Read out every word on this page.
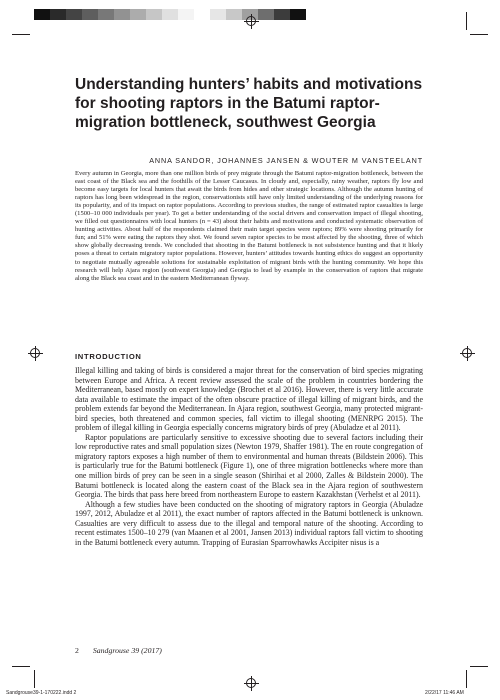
Understanding hunters’ habits and motivations for shooting raptors in the Batumi raptor-migration bottleneck, southwest Georgia
ANNA SANDOR, JOHANNES JANSEN & WOUTER M VANSTEELANT

Every autumn in Georgia, more than one million birds of prey migrate through the Batumi raptor-migration bottleneck, between the east coast of the Black sea and the foothills of the Lesser Caucasus. In cloudy and, especially, rainy weather, raptors fly low and become easy targets for local hunters that await the birds from hides and other strategic locations. Although the autumn hunting of raptors has long been widespread in the region, conservationists still have only limited understanding of the underlying reasons for its popularity, and of its impact on raptor populations. According to previous studies, the range of estimated raptor casualties is large (1500–10 000 individuals per year). To get a better understanding of the social drivers and conservation impact of illegal shooting, we filled out questionnaires with local hunters (n = 43) about their habits and motivations and conducted systematic observation of hunting activities. About half of the respondents claimed their main target species were raptors; 89% were shooting primarily for fun; and 51% were eating the raptors they shot. We found seven raptor species to be most affected by the shooting, three of which show globally decreasing trends. We concluded that shooting in the Batumi bottleneck is not subsistence hunting and that it likely poses a threat to certain migratory raptor populations. However, hunters’ attitudes towards hunting ethics do suggest an opportunity to negotiate mutually agreeable solutions for sustainable exploitation of migrant birds with the hunting community. We hope this research will help Ajara region (southwest Georgia) and Georgia to lead by example in the conservation of raptors that migrate along the Black sea coast and in the eastern Mediterranean flyway.

INTRODUCTION

Illegal killing and taking of birds is considered a major threat for the conservation of bird species migrating between Europe and Africa. A recent review assessed the scale of the problem in countries bordering the Mediterranean, based mostly on expert knowledge (Brochet et al 2016). However, there is very little accurate data available to estimate the impact of the often obscure practice of illegal killing of migrant birds, and the problem extends far beyond the Mediterranean. In Ajara region, southwest Georgia, many protected migrant-bird species, both threatened and common species, fall victim to illegal shooting (MENRPG 2015). The problem of illegal killing in Georgia especially concerns migratory birds of prey (Abuladze et al 2011).

Raptor populations are particularly sensitive to excessive shooting due to several factors including their low reproductive rates and small population sizes (Newton 1979, Shaffer 1981). The en route congregation of migratory raptors exposes a high number of them to environmental and human threats (Bildstein 2006). This is particularly true for the Batumi bottleneck (Figure 1), one of three migration bottlenecks where more than one million birds of prey can be seen in a single season (Shirihai et al 2000, Zalles & Bildstein 2000). The Batumi bottleneck is located along the eastern coast of the Black sea in the Ajara region of southwestern Georgia. The birds that pass here breed from northeastern Europe to eastern Kazakhstan (Verhelst et al 2011).

Although a few studies have been conducted on the shooting of migratory raptors in Georgia (Abuladze 1997, 2012, Abuladze et al 2011), the exact number of raptors affected in the Batumi bottleneck is unknown. Casualties are very difficult to assess due to the illegal and temporal nature of the shooting. According to recent estimates 1500–10 279 (van Maanen et al 2001, Jansen 2013) individual raptors fall victim to shooting in the Batumi bottleneck every autumn. Trapping of Eurasian Sparrowhawks Accipiter nisus is a

2 Sandgrouse 39 (2017)
Sandgrouse39-1-170222.indd 2	2/22/17 11:46 AM
